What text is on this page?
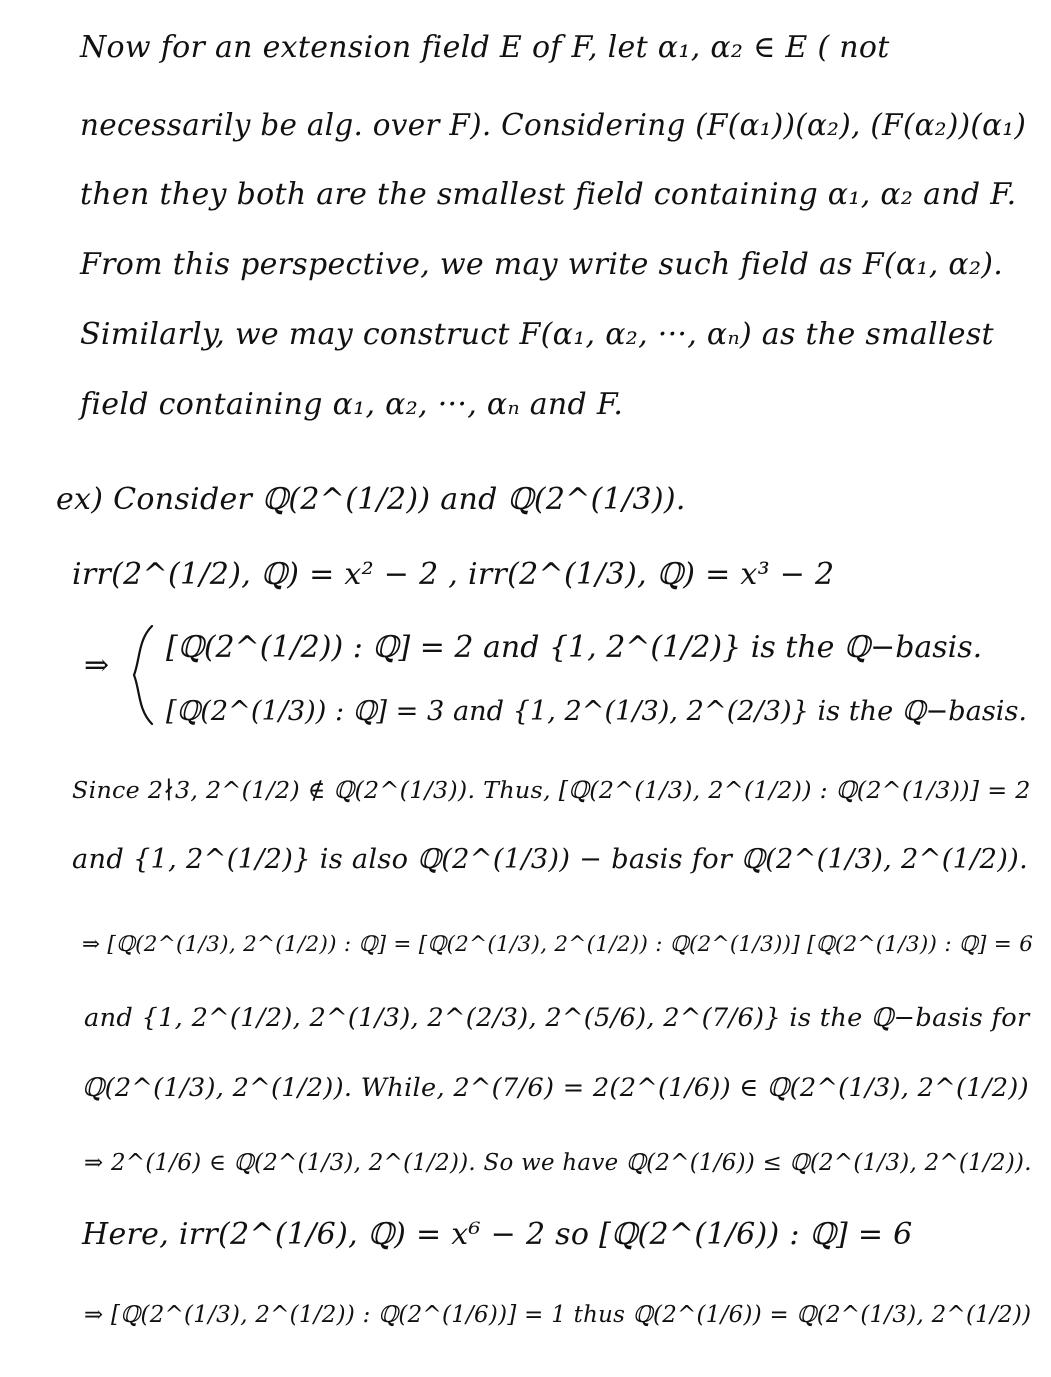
Now for an extension field E of F, let α₁, α₂ ∈ E ( not
necessarily be alg. over F). Considering (F(α₁))(α₂), (F(α₂))(α₁)
then they both are the smallest field containing α₁, α₂ and F.
From this perspective, we may write such field as F(α₁, α₂).
Similarly, we may construct F(α₁, α₂, ···, αₙ) as the smallest
field containing α₁, α₂, ···, αₙ and F.
ex) Consider ℚ(2^(1/2)) and ℚ(2^(1/3)).
irr(2^(1/2), ℚ) = x² − 2 , irr(2^(1/3), ℚ) = x³ − 2
⇒
[ℚ(2^(1/2)) : ℚ] = 2 and {1, 2^(1/2)} is the ℚ−basis.
[ℚ(2^(1/3)) : ℚ] = 3 and {1, 2^(1/3), 2^(2/3)} is the ℚ−basis.
Since 2∤3, 2^(1/2) ∉ ℚ(2^(1/3)). Thus, [ℚ(2^(1/3), 2^(1/2)) : ℚ(2^(1/3))] = 2
and {1, 2^(1/2)} is also ℚ(2^(1/3)) − basis for ℚ(2^(1/3), 2^(1/2)).
⇒ [ℚ(2^(1/3), 2^(1/2)) : ℚ] = [ℚ(2^(1/3), 2^(1/2)) : ℚ(2^(1/3))] [ℚ(2^(1/3)) : ℚ] = 6
and {1, 2^(1/2), 2^(1/3), 2^(2/3), 2^(5/6), 2^(7/6)} is the ℚ−basis for
ℚ(2^(1/3), 2^(1/2)). While, 2^(7/6) = 2(2^(1/6)) ∈ ℚ(2^(1/3), 2^(1/2))
⇒ 2^(1/6) ∈ ℚ(2^(1/3), 2^(1/2)). So we have ℚ(2^(1/6)) ≤ ℚ(2^(1/3), 2^(1/2)).
Here, irr(2^(1/6), ℚ) = x⁶ − 2 so [ℚ(2^(1/6)) : ℚ] = 6
⇒ [ℚ(2^(1/3), 2^(1/2)) : ℚ(2^(1/6))] = 1 thus ℚ(2^(1/6)) = ℚ(2^(1/3), 2^(1/2))
